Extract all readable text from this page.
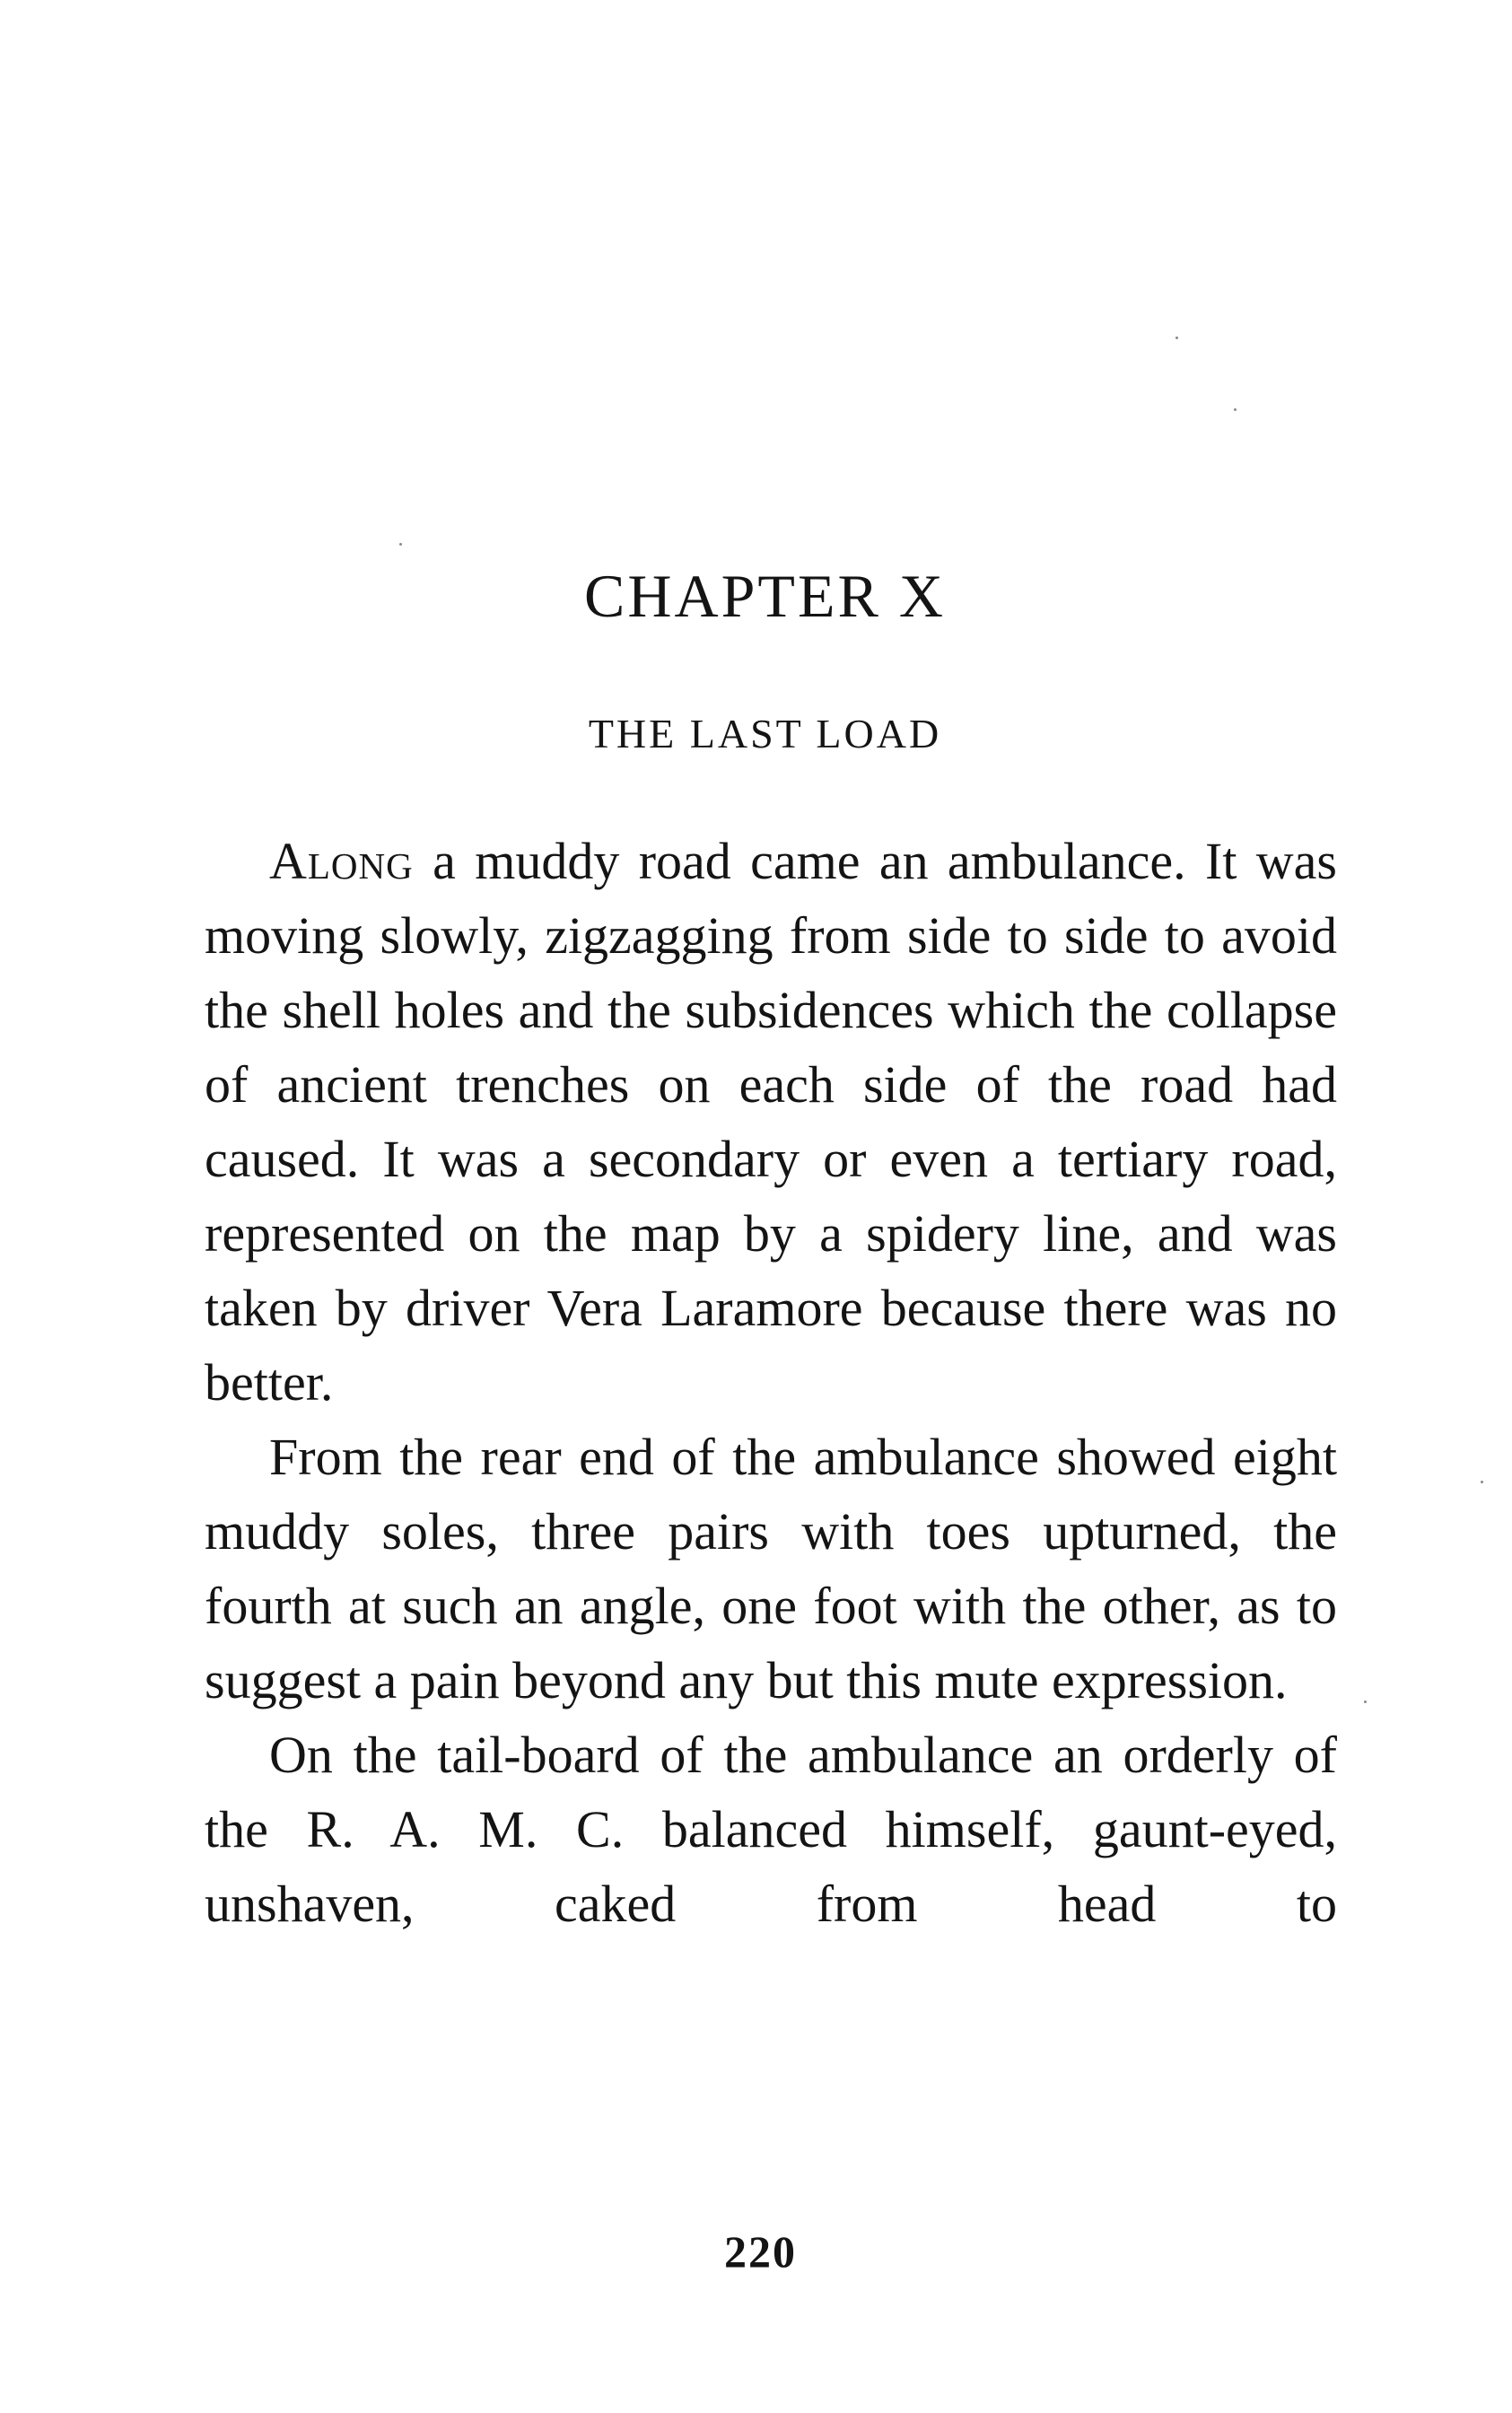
CHAPTER X
THE LAST LOAD

Along a muddy road came an ambulance. It was moving slowly, zigzagging from side to side to avoid the shell holes and the subsidences which the collapse of ancient trenches on each side of the road had caused. It was a secondary or even a tertiary road, represented on the map by a spidery line, and was taken by driver Vera Laramore because there was no better.

From the rear end of the ambulance showed eight muddy soles, three pairs with toes upturned, the fourth at such an angle, one foot with the other, as to suggest a pain beyond any but this mute expression.

On the tail-board of the ambulance an orderly of the R. A. M. C. balanced himself, gaunt-eyed, unshaven, caked from head to

220
